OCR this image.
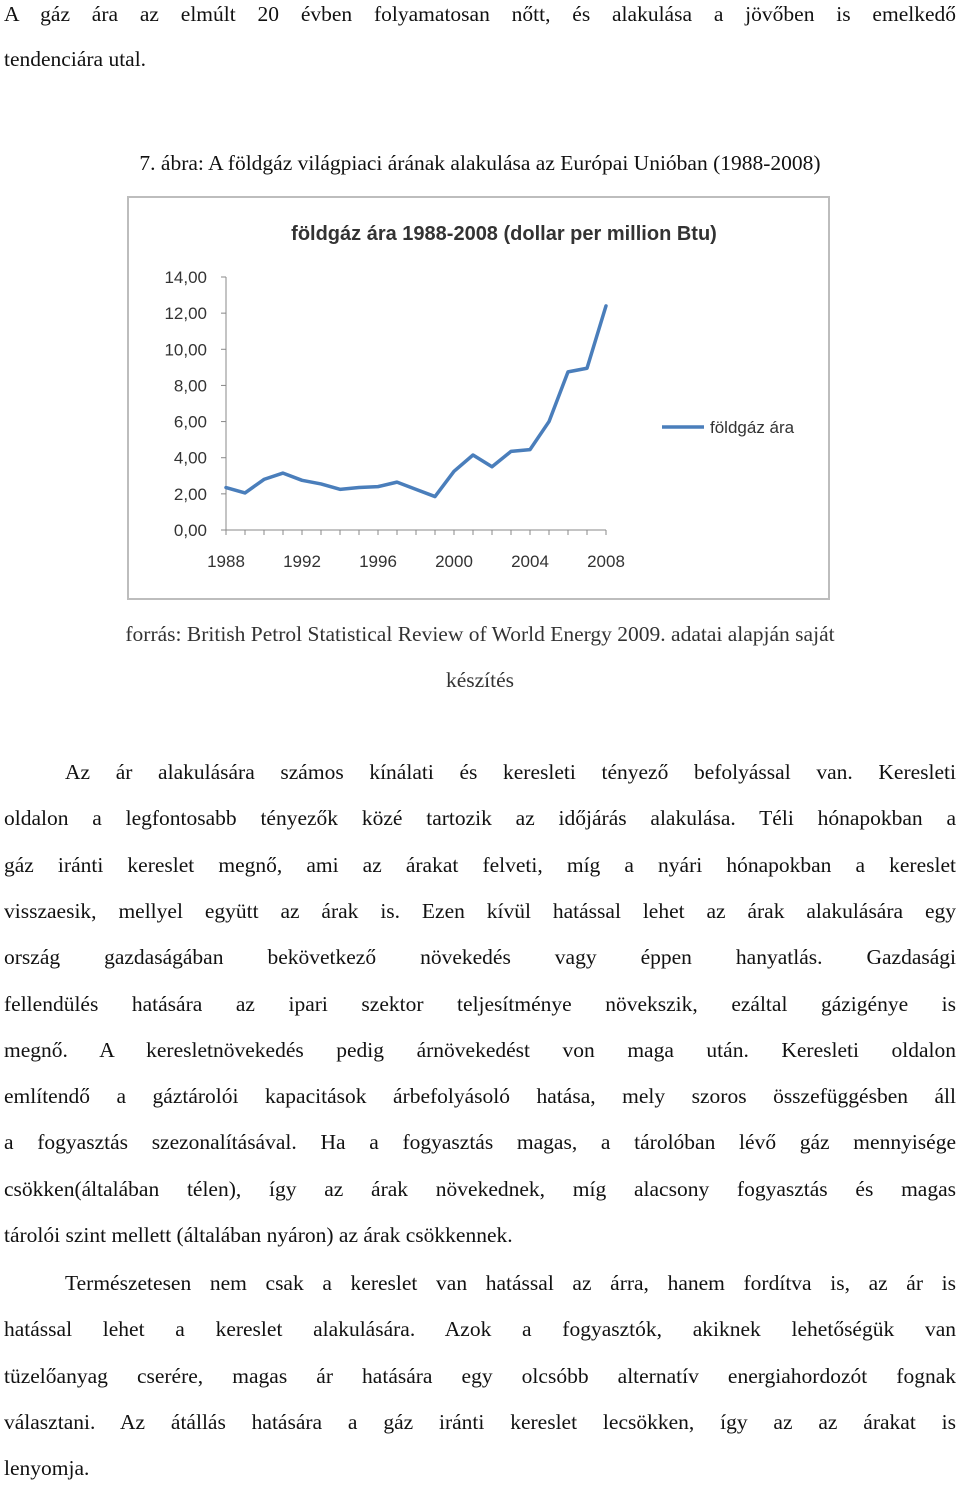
A gáz ára az elmúlt 20 évben folyamatosan nőtt, és alakulása a jövőben is emelkedő

tendenciára utal.

7. ábra: A földgáz világpiaci árának alakulása az Európai Unióban (1988-2008)

földgáz ára 1988-2008 (dollar per million Btu)
0,00
2,00
4,00
6,00
8,00
10,00
12,00
14,00
1988 1992 1996 2000 2004 2008
földgáz ára

forrás: British Petrol Statistical Review of World Energy 2009. adatai alapján saját

készítés

Az ár alakulására számos kínálati és keresleti tényező befolyással van. Keresleti

oldalon a legfontosabb tényezők közé tartozik az időjárás alakulása. Téli hónapokban a

gáz iránti kereslet megnő, ami az árakat felveti, míg a nyári hónapokban a kereslet

visszaesik, mellyel együtt az árak is. Ezen kívül hatással lehet az árak alakulására egy

ország gazdaságában bekövetkező növekedés vagy éppen hanyatlás. Gazdasági

fellendülés hatására az ipari szektor teljesítménye növekszik, ezáltal gázigénye is

megnő. A keresletnövekedés pedig árnövekedést von maga után. Keresleti oldalon

említendő a gáztárolói kapacitások árbefolyásoló hatása, mely szoros összefüggésben áll

a fogyasztás szezonalításával. Ha a fogyasztás magas, a tárolóban lévő gáz mennyisége

csökken(általában télen), így az árak növekednek, míg alacsony fogyasztás és magas

tárolói szint mellett (általában nyáron) az árak csökkennek.

Természetesen nem csak a kereslet van hatással az árra, hanem fordítva is, az ár is

hatással lehet a kereslet alakulására. Azok a fogyasztók, akiknek lehetőségük van

tüzelőanyag cserére, magas ár hatására egy olcsóbb alternatív energiahordozót fognak

választani. Az átállás hatására a gáz iránti kereslet lecsökken, így az az árakat is

lenyomja.
